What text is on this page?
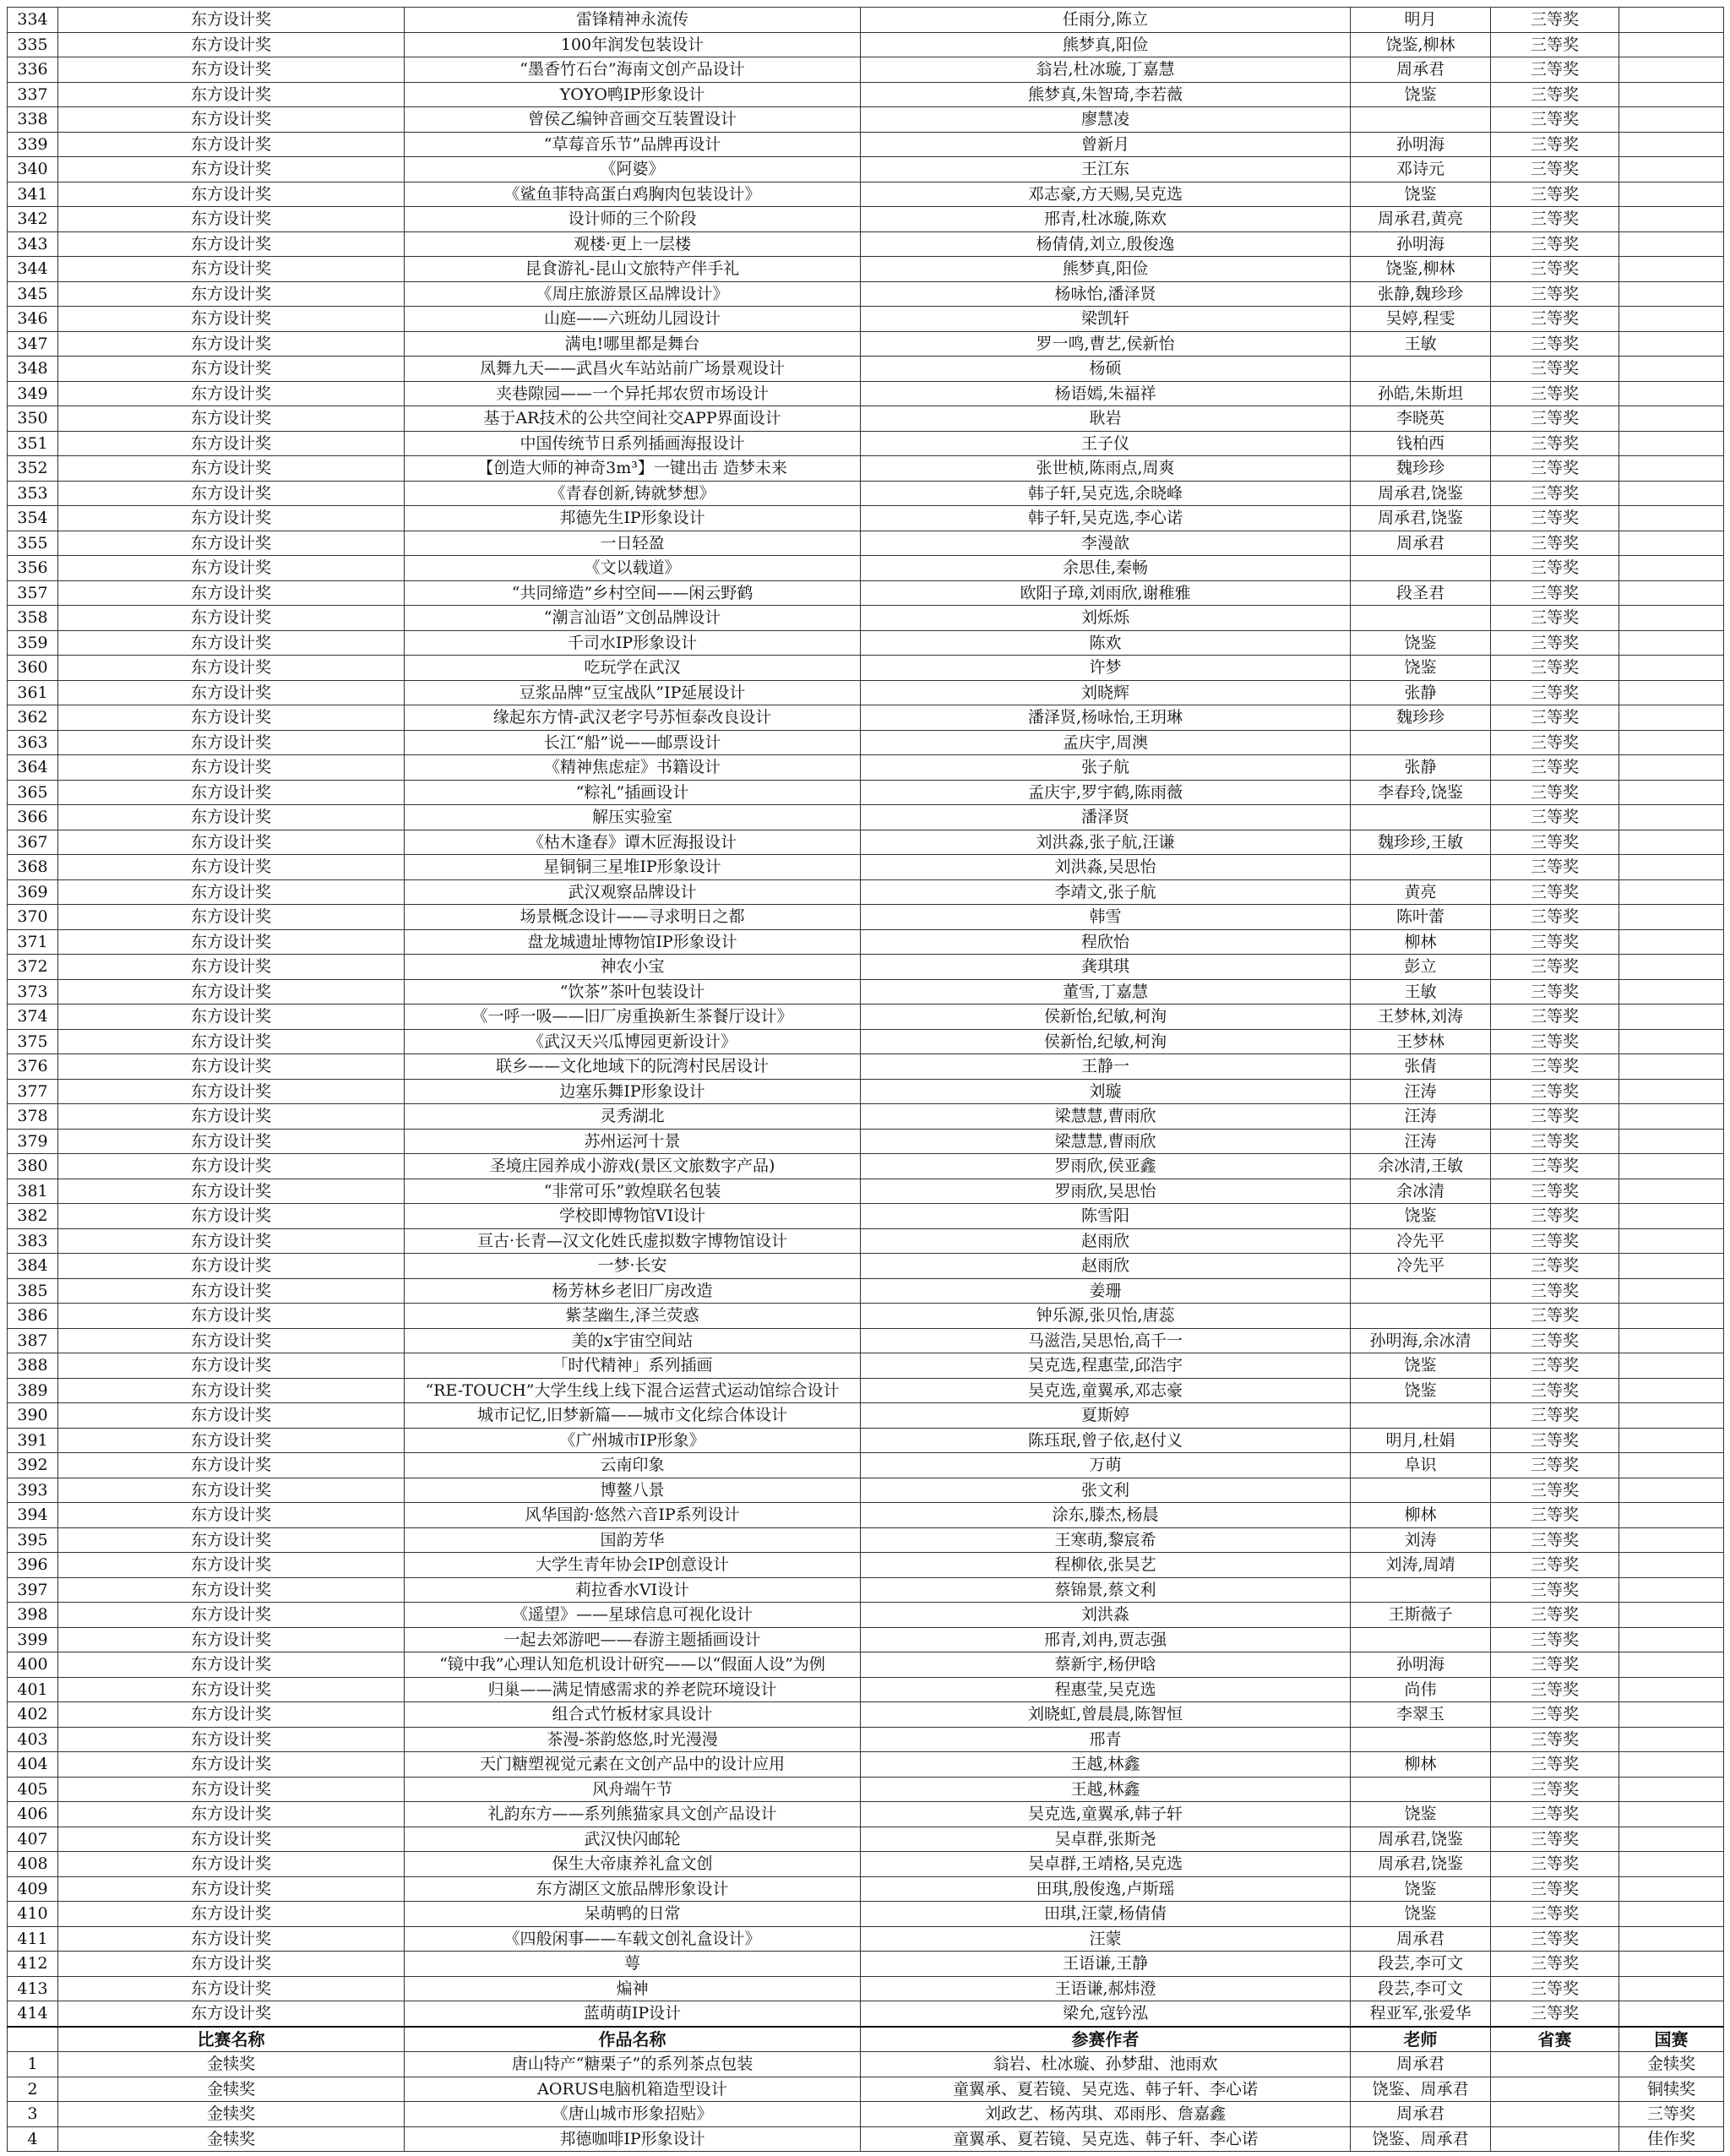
334	东方设计奖	雷锋精神永流传	任雨分,陈立	明月	三等奖	
335	东方设计奖	100年润发包装设计	熊梦真,阳俭	饶鉴,柳林	三等奖	
336	东方设计奖	“墨香竹石台”海南文创产品设计	翁岩,杜冰璇,丁嘉慧	周承君	三等奖	
337	东方设计奖	YOYO鸭IP形象设计	熊梦真,朱智琦,李若薇	饶鉴	三等奖	
338	东方设计奖	曾侯乙编钟音画交互装置设计	廖慧凌		三等奖	
339	东方设计奖	“草莓音乐节”品牌再设计	曾新月	孙明海	三等奖	
340	东方设计奖	《阿婆》	王江东	邓诗元	三等奖	
341	东方设计奖	《鲨鱼菲特高蛋白鸡胸肉包装设计》	邓志豪,方天赐,吴克选	饶鉴	三等奖	
342	东方设计奖	设计师的三个阶段	邢青,杜冰璇,陈欢	周承君,黄亮	三等奖	
343	东方设计奖	观楼·更上一层楼	杨倩倩,刘立,殷俊逸	孙明海	三等奖	
344	东方设计奖	昆食游礼-昆山文旅特产伴手礼	熊梦真,阳俭	饶鉴,柳林	三等奖	
345	东方设计奖	《周庄旅游景区品牌设计》	杨咏怡,潘泽贤	张静,魏珍珍	三等奖	
346	东方设计奖	山庭——六班幼儿园设计	梁凯轩	吴婷,程雯	三等奖	
347	东方设计奖	满电!哪里都是舞台	罗一鸣,曹艺,侯新怡	王敏	三等奖	
348	东方设计奖	凤舞九天——武昌火车站站前广场景观设计	杨硕		三等奖	
349	东方设计奖	夹巷隙园——一个异托邦农贸市场设计	杨语嫣,朱福祥	孙皓,朱斯坦	三等奖	
350	东方设计奖	基于AR技术的公共空间社交APP界面设计	耿岩	李晓英	三等奖	
351	东方设计奖	中国传统节日系列插画海报设计	王子仪	钱柏西	三等奖	
352	东方设计奖	【创造大师的神奇3m³】一键出击 造梦未来	张世桢,陈雨点,周爽	魏珍珍	三等奖	
353	东方设计奖	《青春创新,铸就梦想》	韩子轩,吴克选,余晓峰	周承君,饶鉴	三等奖	
354	东方设计奖	邦德先生IP形象设计	韩子轩,吴克选,李心诺	周承君,饶鉴	三等奖	
355	东方设计奖	一日轻盈	李漫歆	周承君	三等奖	
356	东方设计奖	《文以载道》	余思佳,秦畅		三等奖	
357	东方设计奖	“共同缔造”乡村空间——闲云野鹤	欧阳子璋,刘雨欣,谢稚雅	段圣君	三等奖	
358	东方设计奖	“潮言汕语”文创品牌设计	刘烁烁		三等奖	
359	东方设计奖	千司水IP形象设计	陈欢	饶鉴	三等奖	
360	东方设计奖	吃玩学在武汉	许梦	饶鉴	三等奖	
361	东方设计奖	豆浆品牌“豆宝战队”IP延展设计	刘晓辉	张静	三等奖	
362	东方设计奖	缘起东方情-武汉老字号苏恒泰改良设计	潘泽贤,杨咏怡,王玥琳	魏珍珍	三等奖	
363	东方设计奖	长江“船”说——邮票设计	孟庆宇,周澳		三等奖	
364	东方设计奖	《精神焦虑症》书籍设计	张子航	张静	三等奖	
365	东方设计奖	“粽礼”插画设计	孟庆宇,罗宇鹤,陈雨薇	李春玲,饶鉴	三等奖	
366	东方设计奖	解压实验室	潘泽贤		三等奖	
367	东方设计奖	《枯木逢春》谭木匠海报设计	刘洪淼,张子航,汪谦	魏珍珍,王敏	三等奖	
368	东方设计奖	星铜铜三星堆IP形象设计	刘洪淼,吴思怡		三等奖	
369	东方设计奖	武汉观察品牌设计	李靖文,张子航	黄亮	三等奖	
370	东方设计奖	场景概念设计——寻求明日之都	韩雪	陈叶蕾	三等奖	
371	东方设计奖	盘龙城遗址博物馆IP形象设计	程欣怡	柳林	三等奖	
372	东方设计奖	神农小宝	龚琪琪	彭立	三等奖	
373	东方设计奖	“饮茶”茶叶包装设计	董雪,丁嘉慧	王敏	三等奖	
374	东方设计奖	《一呼一吸——旧厂房重换新生茶餐厅设计》	侯新怡,纪敏,柯洵	王梦林,刘涛	三等奖	
375	东方设计奖	《武汉天兴瓜博园更新设计》	侯新怡,纪敏,柯洵	王梦林	三等奖	
376	东方设计奖	联乡——文化地域下的阮湾村民居设计	王静一	张倩	三等奖	
377	东方设计奖	边塞乐舞IP形象设计	刘璇	汪涛	三等奖	
378	东方设计奖	灵秀湖北	梁慧慧,曹雨欣	汪涛	三等奖	
379	东方设计奖	苏州运河十景	梁慧慧,曹雨欣	汪涛	三等奖	
380	东方设计奖	圣境庄园养成小游戏(景区文旅数字产品)	罗雨欣,侯亚鑫	余冰清,王敏	三等奖	
381	东方设计奖	“非常可乐”敦煌联名包装	罗雨欣,吴思怡	余冰清	三等奖	
382	东方设计奖	学校即博物馆VI设计	陈雪阳	饶鉴	三等奖	
383	东方设计奖	亘古·长青—汉文化姓氏虚拟数字博物馆设计	赵雨欣	冷先平	三等奖	
384	东方设计奖	一梦·长安	赵雨欣	冷先平	三等奖	
385	东方设计奖	杨芳林乡老旧厂房改造	姜珊		三等奖	
386	东方设计奖	紫茎幽生,泽兰荧惑	钟乐源,张贝怡,唐蕊		三等奖	
387	东方设计奖	美的x宇宙空间站	马滋浩,吴思怡,高千一	孙明海,余冰清	三等奖	
388	东方设计奖	「时代精神」系列插画	吴克选,程惠莹,邱浩宇	饶鉴	三等奖	
389	东方设计奖	“RE-TOUCH”大学生线上线下混合运营式运动馆综合设计	吴克选,童翼承,邓志豪	饶鉴	三等奖	
390	东方设计奖	城市记忆,旧梦新篇——城市文化综合体设计	夏斯婷		三等奖	
391	东方设计奖	《广州城市IP形象》	陈珏珉,曾子依,赵付义	明月,杜娟	三等奖	
392	东方设计奖	云南印象	万萌	阜识	三等奖	
393	东方设计奖	博鳌八景	张文利		三等奖	
394	东方设计奖	风华国韵·悠然六音IP系列设计	涂东,滕杰,杨晨	柳林	三等奖	
395	东方设计奖	国韵芳华	王寒萌,黎宸希	刘涛	三等奖	
396	东方设计奖	大学生青年协会IP创意设计	程柳依,张昊艺	刘涛,周靖	三等奖	
397	东方设计奖	莉拉香水VI设计	蔡锦景,蔡文利		三等奖	
398	东方设计奖	《遥望》——星球信息可视化设计	刘洪淼	王斯薇子	三等奖	
399	东方设计奖	一起去郊游吧——春游主题插画设计	邢青,刘冉,贾志强		三等奖	
400	东方设计奖	“镜中我”心理认知危机设计研究——以“假面人设”为例	蔡新宇,杨伊晗	孙明海	三等奖	
401	东方设计奖	归巢——满足情感需求的养老院环境设计	程惠莹,吴克选	尚伟	三等奖	
402	东方设计奖	组合式竹板材家具设计	刘晓虹,曾晨晨,陈智恒	李翠玉	三等奖	
403	东方设计奖	茶漫-茶韵悠悠,时光漫漫	邢青		三等奖	
404	东方设计奖	天门糖塑视觉元素在文创产品中的设计应用	王越,林鑫	柳林	三等奖	
405	东方设计奖	风舟端午节	王越,林鑫		三等奖	
406	东方设计奖	礼韵东方——系列熊猫家具文创产品设计	吴克选,童翼承,韩子轩	饶鉴	三等奖	
407	东方设计奖	武汉快闪邮轮	吴卓群,张斯尧	周承君,饶鉴	三等奖	
408	东方设计奖	保生大帝康养礼盒文创	吴卓群,王靖格,吴克选	周承君,饶鉴	三等奖	
409	东方设计奖	东方湖区文旅品牌形象设计	田琪,殷俊逸,卢斯瑶	饶鉴	三等奖	
410	东方设计奖	呆萌鸭的日常	田琪,汪蒙,杨倩倩	饶鉴	三等奖	
411	东方设计奖	《四般闲事——车载文创礼盒设计》	汪蒙	周承君	三等奖	
412	东方设计奖	萼	王语谦,王静	段芸,李可文	三等奖	
413	东方设计奖	煸神	王语谦,郝炜澄	段芸,李可文	三等奖	
414	东方设计奖	蓝萌萌IP设计	梁允,寇钤泓	程亚军,张爱华	三等奖	
	比赛名称	作品名称	参赛作者	老师	省赛	国赛
1	金犊奖	唐山特产“糖栗子”的系列茶点包装	翁岩、杜冰璇、孙梦甜、池雨欢	周承君		金犊奖
2	金犊奖	AORUS电脑机箱造型设计	童翼承、夏若镜、吴克选、韩子轩、李心诺	饶鉴、周承君		铜犊奖
3	金犊奖	《唐山城市形象招贴》	刘政艺、杨芮琪、邓雨彤、詹嘉鑫	周承君		三等奖
4	金犊奖	邦德咖啡IP形象设计	童翼承、夏若镜、吴克选、韩子轩、李心诺	饶鉴、周承君		佳作奖
